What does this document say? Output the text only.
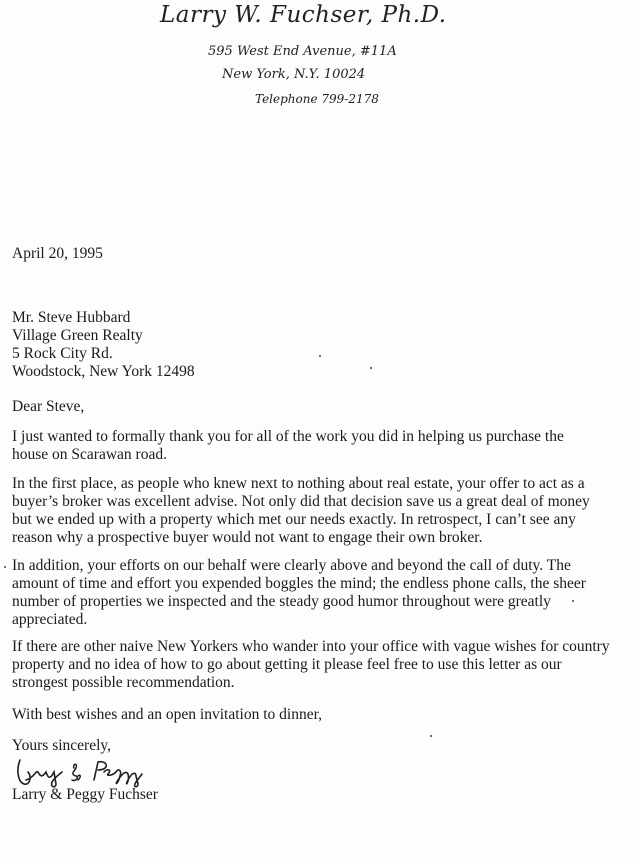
Larry W. Fuchser, Ph.D.
595 West End Avenue, #11A
New York, N.Y. 10024
Telephone 799-2178

April 20, 1995

Mr. Steve Hubbard
Village Green Realty
5 Rock City Rd.
Woodstock, New York 12498

Dear Steve,

I just wanted to formally thank you for all of the work you did in helping us purchase the house on Scarawan road.

In the first place, as people who knew next to nothing about real estate, your offer to act as a buyer’s broker was excellent advise. Not only did that decision save us a great deal of money but we ended up with a property which met our needs exactly. In retrospect, I can’t see any reason why a prospective buyer would not want to engage their own broker.

In addition, your efforts on our behalf were clearly above and beyond the call of duty. The amount of time and effort you expended boggles the mind; the endless phone calls, the sheer number of properties we inspected and the steady good humor throughout were greatly appreciated.

If there are other naive New Yorkers who wander into your office with vague wishes for country property and no idea of how to go about getting it please feel free to use this letter as our strongest possible recommendation.

With best wishes and an open invitation to dinner,

Yours sincerely,

Larry & Peggy Fuchser
